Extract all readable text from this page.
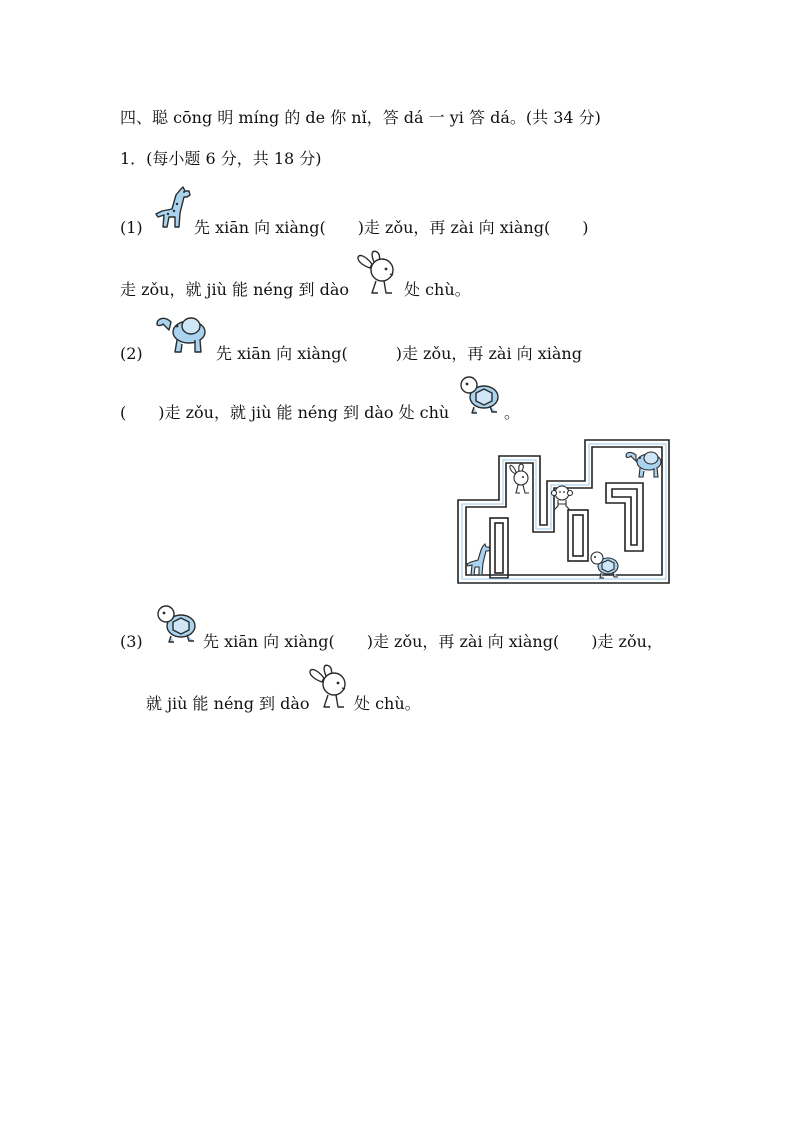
四、聪 cōng 明 míng 的 de 你 nǐ，答 dá 一 yi 答 dá。(共 34 分)
1．(每小题 6 分，共 18 分)
(1)	先 xiān 向 xiàng(　　)走 zǒu，再 zài 向 xiàng(　　)
走 zǒu，就 jiù 能 néng 到 dào	处 chù。
(2)	先 xiān 向 xiàng(　　　)走 zǒu，再 zài 向 xiàng
(　　)走 zǒu，就 jiù 能 néng 到 dào 处 chù	。
(3)	先 xiān 向 xiàng(　　)走 zǒu，再 zài 向 xiàng(　　)走 zǒu，
就 jiù 能 néng 到 dào	处 chù。
